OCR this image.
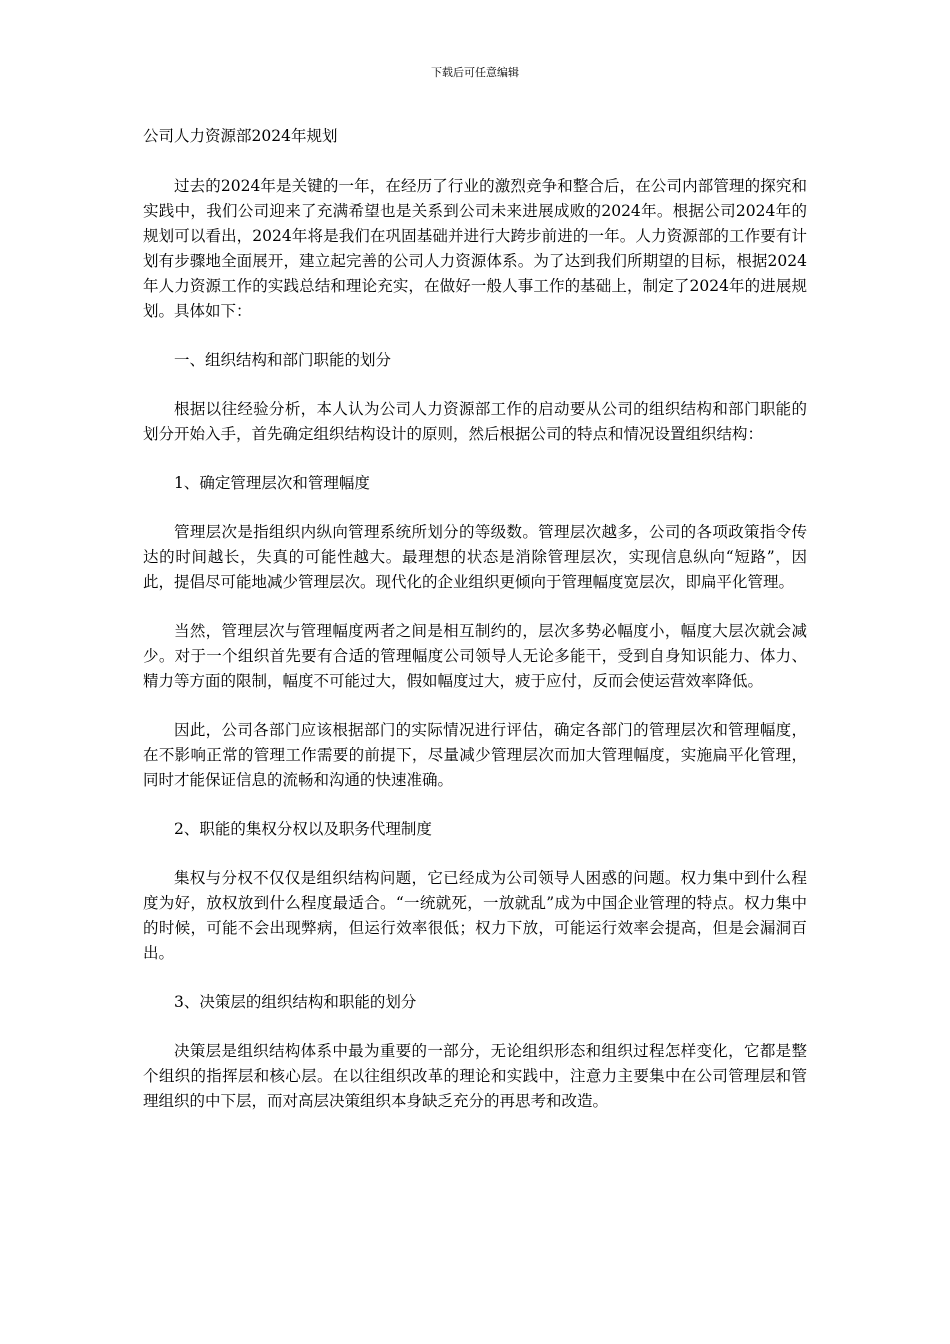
下载后可任意编辑
公司人力资源部2024年规划

过去的2024年是关键的一年，在经历了行业的激烈竞争和整合后，在公司内部管理的探究和实践中，我们公司迎来了充满希望也是关系到公司未来进展成败的2024年。根据公司2024年的规划可以看出，2024年将是我们在巩固基础并进行大跨步前进的一年。人力资源部的工作要有计划有步骤地全面展开，建立起完善的公司人力资源体系。为了达到我们所期望的目标，根据2024年人力资源工作的实践总结和理论充实，在做好一般人事工作的基础上，制定了2024年的进展规划。具体如下：

一、组织结构和部门职能的划分

根据以往经验分析，本人认为公司人力资源部工作的启动要从公司的组织结构和部门职能的划分开始入手，首先确定组织结构设计的原则，然后根据公司的特点和情况设置组织结构：

1、确定管理层次和管理幅度

管理层次是指组织内纵向管理系统所划分的等级数。管理层次越多，公司的各项政策指令传达的时间越长，失真的可能性越大。最理想的状态是消除管理层次，实现信息纵向“短路”，因此，提倡尽可能地减少管理层次。现代化的企业组织更倾向于管理幅度宽层次，即扁平化管理。

当然，管理层次与管理幅度两者之间是相互制约的，层次多势必幅度小，幅度大层次就会减少。对于一个组织首先要有合适的管理幅度公司领导人无论多能干，受到自身知识能力、体力、精力等方面的限制，幅度不可能过大，假如幅度过大，疲于应付，反而会使运营效率降低。

因此，公司各部门应该根据部门的实际情况进行评估，确定各部门的管理层次和管理幅度，在不影响正常的管理工作需要的前提下，尽量减少管理层次而加大管理幅度，实施扁平化管理，同时才能保证信息的流畅和沟通的快速准确。

2、职能的集权分权以及职务代理制度

集权与分权不仅仅是组织结构问题，它已经成为公司领导人困惑的问题。权力集中到什么程度为好，放权放到什么程度最适合。“一统就死，一放就乱”成为中国企业管理的特点。权力集中的时候，可能不会出现弊病，但运行效率很低；权力下放，可能运行效率会提高，但是会漏洞百出。

3、决策层的组织结构和职能的划分

决策层是组织结构体系中最为重要的一部分，无论组织形态和组织过程怎样变化，它都是整个组织的指挥层和核心层。在以往组织改革的理论和实践中，注意力主要集中在公司管理层和管理组织的中下层，而对高层决策组织本身缺乏充分的再思考和改造。
